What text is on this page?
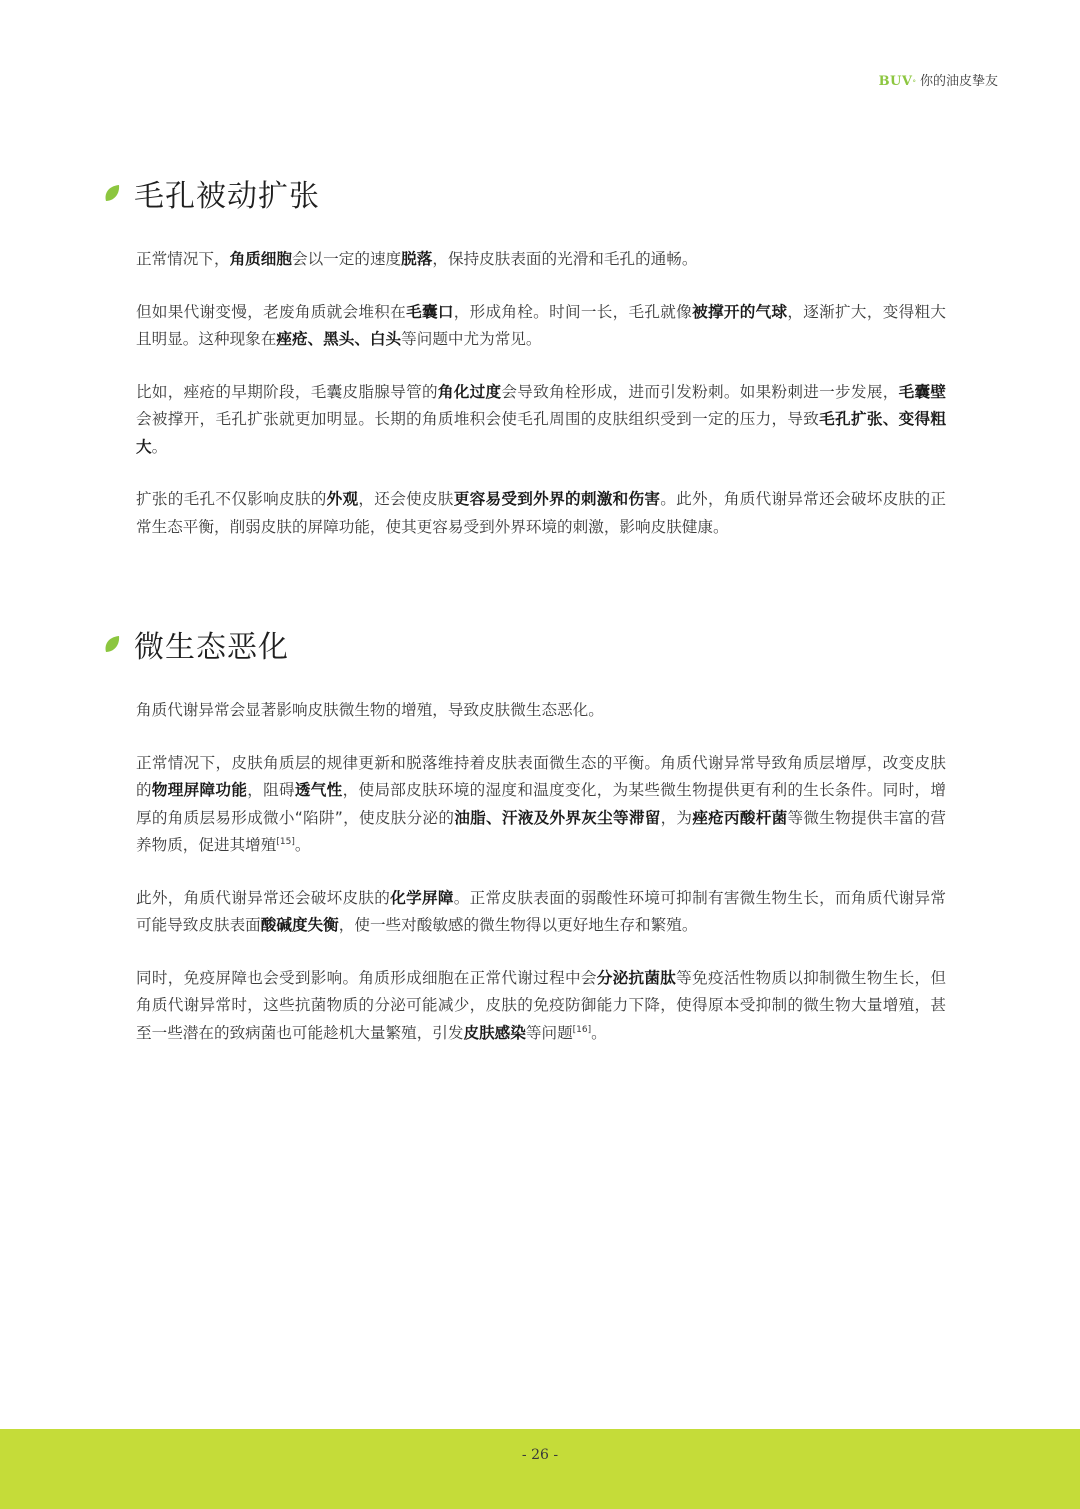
BUV ° 你的油皮挚友
毛孔被动扩张

正常情况下，角质细胞会以一定的速度脱落，保持皮肤表面的光滑和毛孔的通畅。

但如果代谢变慢，老废角质就会堆积在毛囊口，形成角栓。时间一长，毛孔就像被撑开的气球，逐渐扩大，变得粗大且明显。这种现象在痤疮、黑头、白头等问题中尤为常见。

比如，痤疮的早期阶段，毛囊皮脂腺导管的角化过度会导致角栓形成，进而引发粉刺。如果粉刺进一步发展，毛囊壁会被撑开，毛孔扩张就更加明显。长期的角质堆积会使毛孔周围的皮肤组织受到一定的压力，导致毛孔扩张、变得粗大。

扩张的毛孔不仅影响皮肤的外观，还会使皮肤更容易受到外界的刺激和伤害。此外，角质代谢异常还会破坏皮肤的正常生态平衡，削弱皮肤的屏障功能，使其更容易受到外界环境的刺激，影响皮肤健康。

微生态恶化

角质代谢异常会显著影响皮肤微生物的增殖，导致皮肤微生态恶化。

正常情况下，皮肤角质层的规律更新和脱落维持着皮肤表面微生态的平衡。角质代谢异常导致角质层增厚，改变皮肤的物理屏障功能，阻碍透气性，使局部皮肤环境的湿度和温度变化，为某些微生物提供更有利的生长条件。同时，增厚的角质层易形成微小“陷阱”，使皮肤分泌的油脂、汗液及外界灰尘等滞留，为痤疮丙酸杆菌等微生物提供丰富的营养物质，促进其增殖[15]。

此外，角质代谢异常还会破坏皮肤的化学屏障。正常皮肤表面的弱酸性环境可抑制有害微生物生长，而角质代谢异常可能导致皮肤表面酸碱度失衡，使一些对酸敏感的微生物得以更好地生存和繁殖。

同时，免疫屏障也会受到影响。角质形成细胞在正常代谢过程中会分泌抗菌肽等免疫活性物质以抑制微生物生长，但角质代谢异常时，这些抗菌物质的分泌可能减少，皮肤的免疫防御能力下降，使得原本受抑制的微生物大量增殖，甚至一些潜在的致病菌也可能趁机大量繁殖，引发皮肤感染等问题[16]。

- 26 -
